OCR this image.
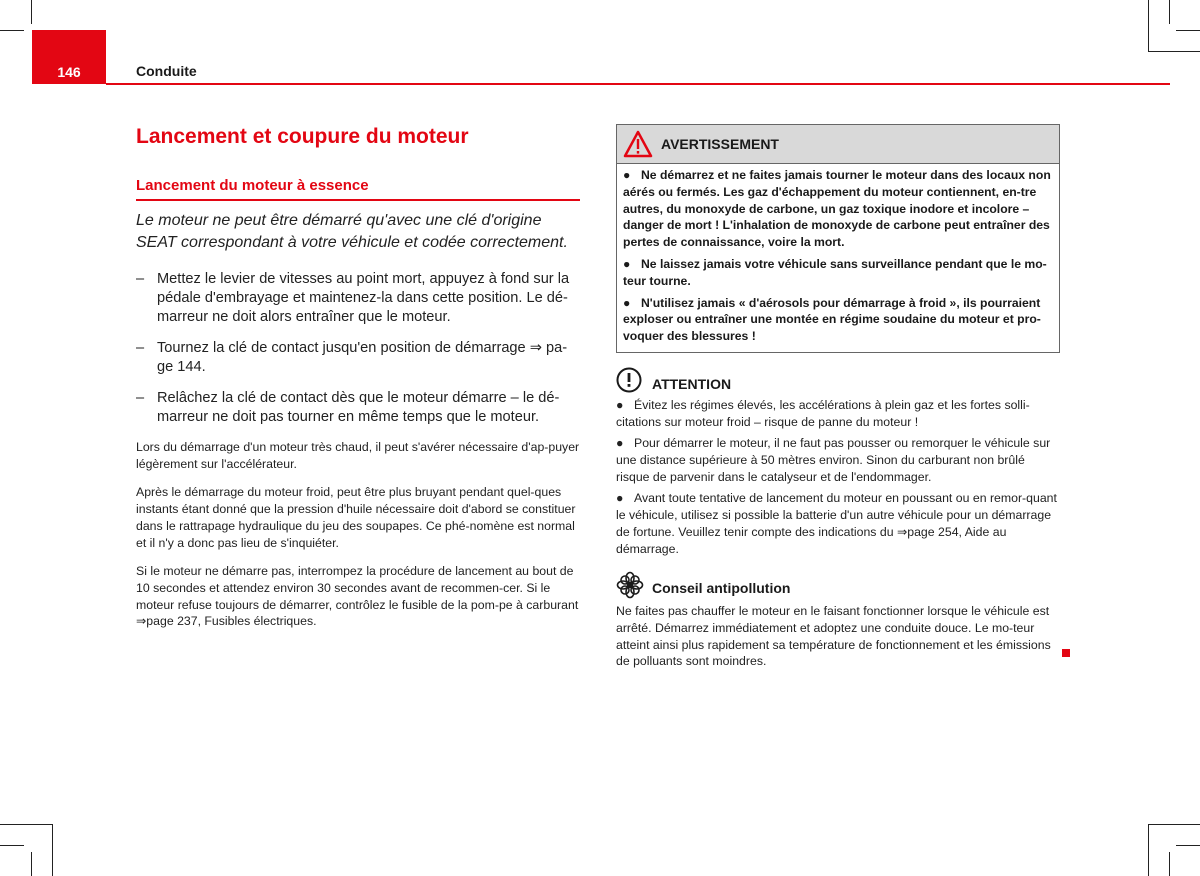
146	Conduite
Lancement et coupure du moteur
Lancement du moteur à essence

Le moteur ne peut être démarré qu'avec une clé d'origine SEAT correspondant à votre véhicule et codée correctement.

– Mettez le levier de vitesses au point mort, appuyez à fond sur la pédale d'embrayage et maintenez-la dans cette position. Le dé-marreur ne doit alors entraîner que le moteur.
– Tournez la clé de contact jusqu'en position de démarrage ⇒ pa-ge 144.
– Relâchez la clé de contact dès que le moteur démarre – le dé-marreur ne doit pas tourner en même temps que le moteur.

Lors du démarrage d'un moteur très chaud, il peut s'avérer nécessaire d'ap-puyer légèrement sur l'accélérateur.

Après le démarrage du moteur froid, peut être plus bruyant pendant quel-ques instants étant donné que la pression d'huile nécessaire doit d'abord se constituer dans le rattrapage hydraulique du jeu des soupapes. Ce phé-nomène est normal et il n'y a donc pas lieu de s'inquiéter.

Si le moteur ne démarre pas, interrompez la procédure de lancement au bout de 10 secondes et attendez environ 30 secondes avant de recommen-cer. Si le moteur refuse toujours de démarrer, contrôlez le fusible de la pom-pe à carburant ⇒page 237, Fusibles électriques.

AVERTISSEMENT

● Ne démarrez et ne faites jamais tourner le moteur dans des locaux non aérés ou fermés. Les gaz d'échappement du moteur contiennent, en-tre autres, du monoxyde de carbone, un gaz toxique inodore et incolore – danger de mort ! L'inhalation de monoxyde de carbone peut entraîner des pertes de connaissance, voire la mort.

● Ne laissez jamais votre véhicule sans surveillance pendant que le mo-teur tourne.

● N'utilisez jamais « d'aérosols pour démarrage à froid », ils pourraient exploser ou entraîner une montée en régime soudaine du moteur et pro-voquer des blessures !

ATTENTION

● Évitez les régimes élevés, les accélérations à plein gaz et les fortes solli-citations sur moteur froid – risque de panne du moteur !

● Pour démarrer le moteur, il ne faut pas pousser ou remorquer le véhicule sur une distance supérieure à 50 mètres environ. Sinon du carburant non brûlé risque de parvenir dans le catalyseur et de l'endommager.

● Avant toute tentative de lancement du moteur en poussant ou en remor-quant le véhicule, utilisez si possible la batterie d'un autre véhicule pour un démarrage de fortune. Veuillez tenir compte des indications du ⇒page 254, Aide au démarrage.

Conseil antipollution

Ne faites pas chauffer le moteur en le faisant fonctionner lorsque le véhicule est arrêté. Démarrez immédiatement et adoptez une conduite douce. Le mo-teur atteint ainsi plus rapidement sa température de fonctionnement et les émissions de polluants sont moindres.
